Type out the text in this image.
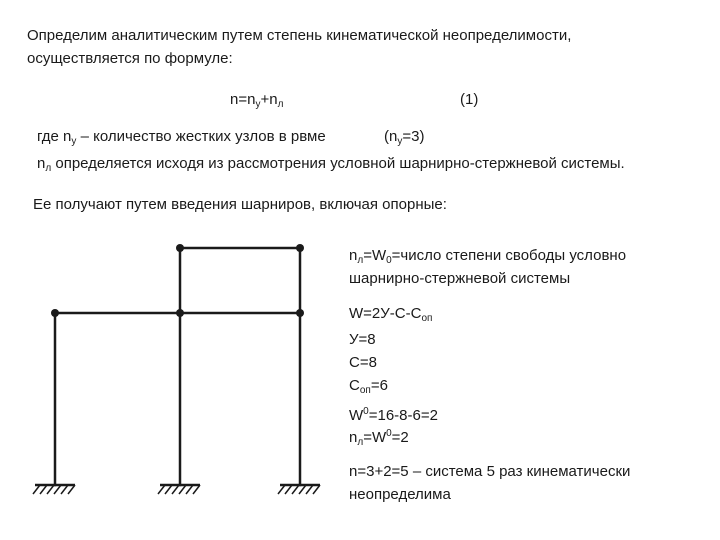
Определим аналитическим путем степень кинематической неопределимости,
осуществляется по формуле:
$n=n_у+n_л$	(1)
где $n_у$ – количество жестких узлов в рвме	$(n_у=3)$
$n_л$ определяется исходя из рассмотрения условной шарнирно-стержневой системы.
Ее получают путем введения шарниров, включая опорные:
$n_л=W_0=число$ степени свободы условно
шарнирно-стержневой системы
$W=2У-С-С_{оп}$
У=8
С=8
$С_{оп}=6$
$W^0=16-8-6=2$
$n_л=W^0=2$
n=3+2=5 – система 5 раз кинематически
неопределима
